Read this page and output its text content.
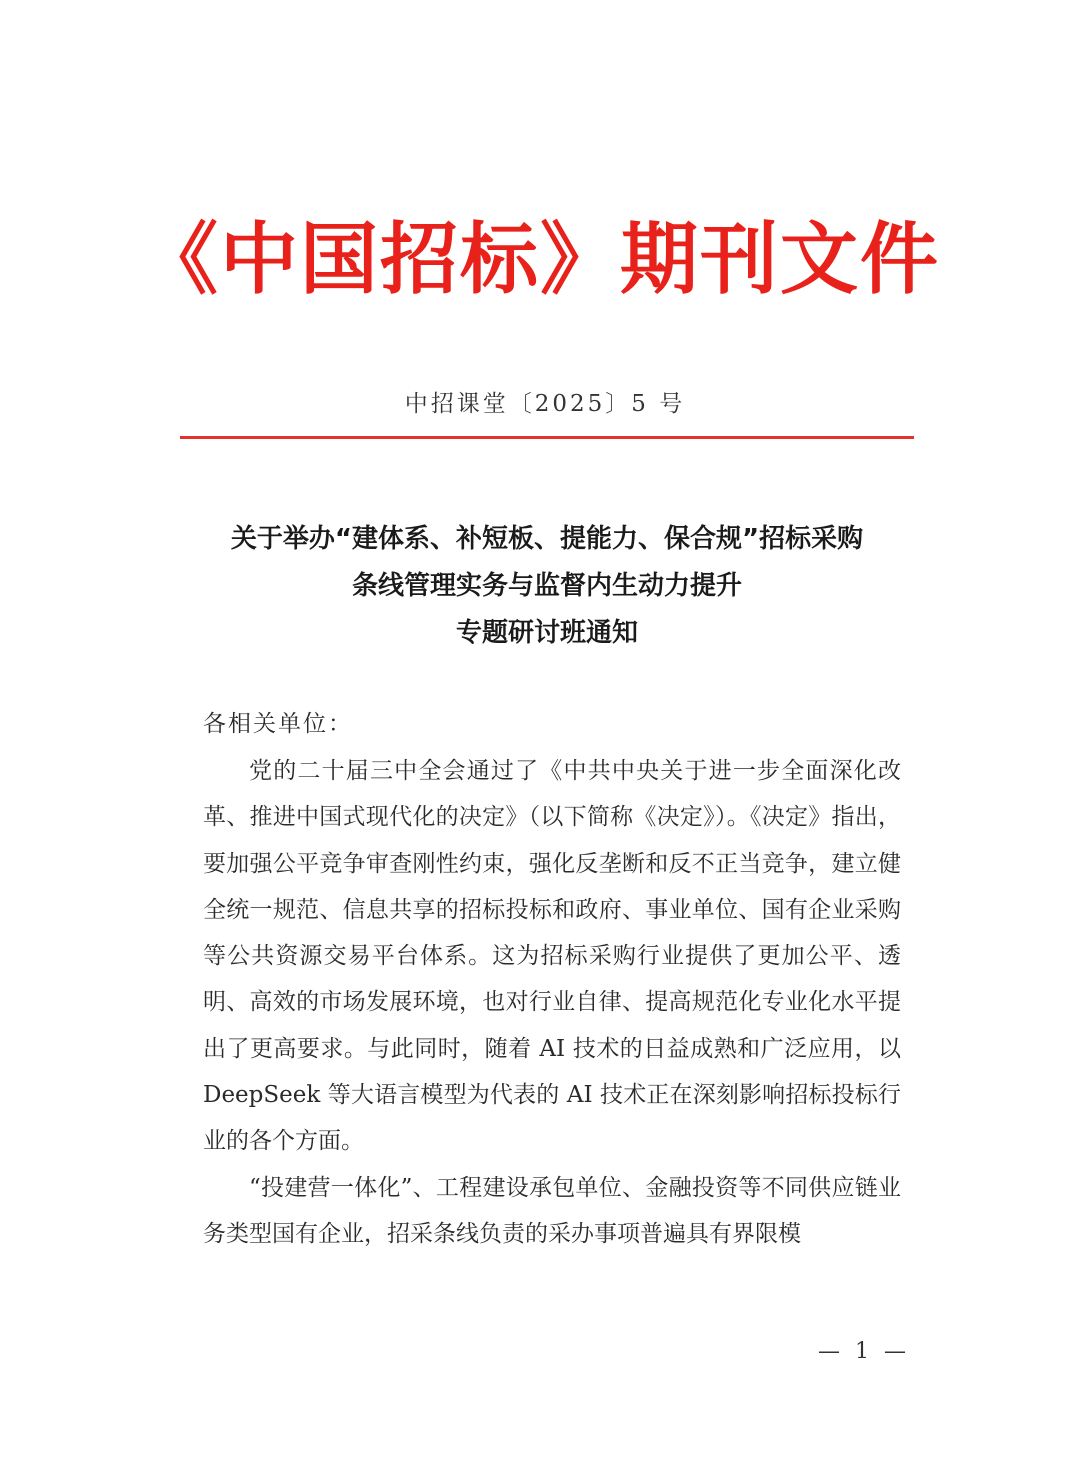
《中国招标》期刊文件
中招课堂〔2025〕5 号
关于举办“建体系、补短板、提能力、保合规”招标采购
条线管理实务与监督内生动力提升
专题研讨班通知
各相关单位：

党的二十届三中全会通过了《中共中央关于进一步全面深化改革、推进中国式现代化的决定》（以下简称《决定》）。《决定》指出，要加强公平竞争审查刚性约束，强化反垄断和反不正当竞争，建立健全统一规范、信息共享的招标投标和政府、事业单位、国有企业采购等公共资源交易平台体系。这为招标采购行业提供了更加公平、透明、高效的市场发展环境，也对行业自律、提高规范化专业化水平提出了更高要求。与此同时，随着 AI 技术的日益成熟和广泛应用，以 DeepSeek 等大语言模型为代表的 AI 技术正在深刻影响招标投标行业的各个方面。

“投建营一体化”、工程建设承包单位、金融投资等不同供应链业务类型国有企业，招采条线负责的采办事项普遍具有界限模

— 1 —
